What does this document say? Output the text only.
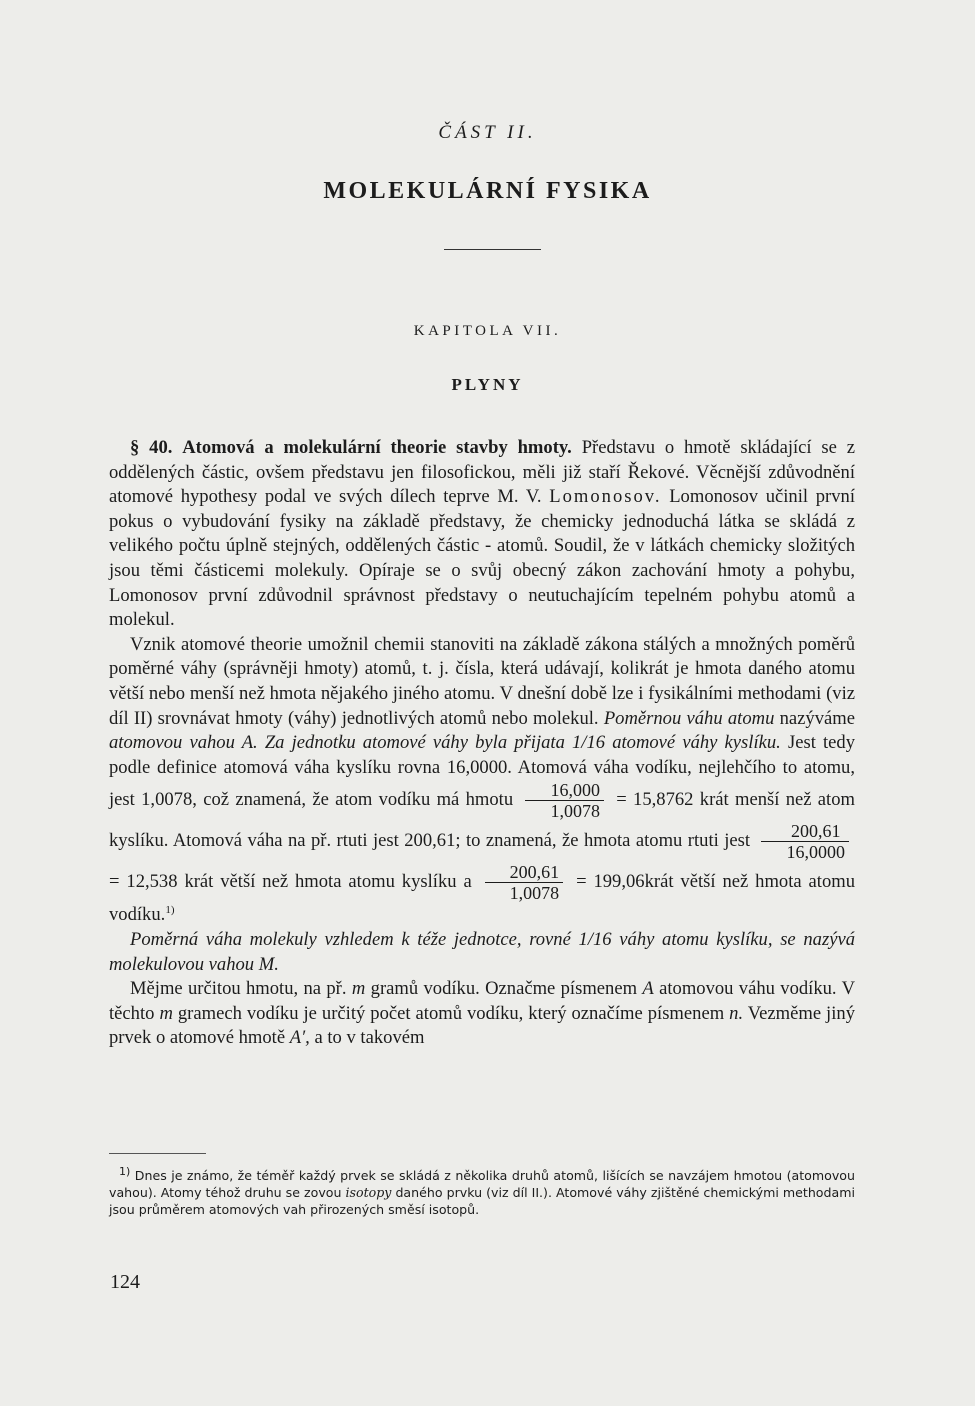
ČÁST II.
MOLEKULÁRNÍ FYSIKA
KAPITOLA VII.
PLYNY

§ 40. Atomová a molekulární theorie stavby hmoty. Představu o hmotě skládající se z oddělených částic, ovšem představu jen filosofickou, měli již staří Řekové. Věcnější zdůvodnění atomové hypothesy podal ve svých dílech teprve M. V. Lomonosov. Lomonosov učinil první pokus o vybudování fysiky na základě představy, že chemicky jednoduchá látka se skládá z velikého počtu úplně stejných, oddělených částic - atomů. Soudil, že v látkách chemicky složitých jsou těmi částicemi molekuly. Opíraje se o svůj obecný zákon zachování hmoty a pohybu, Lomonosov první zdůvodnil správnost představy o neutuchajícím tepelném pohybu atomů a molekul.

Vznik atomové theorie umožnil chemii stanoviti na základě zákona stálých a množných poměrů poměrné váhy (správněji hmoty) atomů, t. j. čísla, která udávají, kolikrát je hmota daného atomu větší nebo menší než hmota nějakého jiného atomu. V dnešní době lze i fysikálními methodami (viz díl II) srovnávat hmoty (váhy) jednotlivých atomů nebo molekul. Poměrnou váhu atomu nazýváme atomovou vahou A. Za jednotku atomové váhy byla přijata 1/16 atomové váhy kyslíku. Jest tedy podle definice atomová váha kyslíku rovna 16,0000. Atomová váha vodíku, nejlehčího to atomu, jest 1,0078, což znamená, že atom vodíku má hmotu $\frac{16,000}{1,0078} = 15,8762$ krát menší než atom kyslíku. Atomová váha na př. rtuti jest 200,61; to znamená, že hmota atomu rtuti jest $\frac{200,61}{16,0000}$
= 12,538 krát větší než hmota atomu kyslíku a $\frac{200,61}{1,0078}$ = 199,06krát větší než hmota atomu vodíku.$^{1)}$

Poměrná váha molekuly vzhledem k téže jednotce, rovné 1/16 váhy atomu kyslíku, se nazývá molekulovou vahou M.

Mějme určitou hmotu, na př. m gramů vodíku. Označme písmenem A atomovou váhu vodíku. V těchto m gramech vodíku je určitý počet atomů vodíku, který označíme písmenem n. Vezměme jiný prvek o atomové hmotě A′, a to v takovém

$^{1)}$ Dnes je známo, že téměř každý prvek se skládá z několika druhů atomů, lišících se navzájem hmotou (atomovou vahou). Atomy téhož druhu se zovou isotopy daného prvku (viz díl II.). Atomové váhy zjištěné chemickými methodami jsou průměrem atomových vah přirozených směsí isotopů.

124
